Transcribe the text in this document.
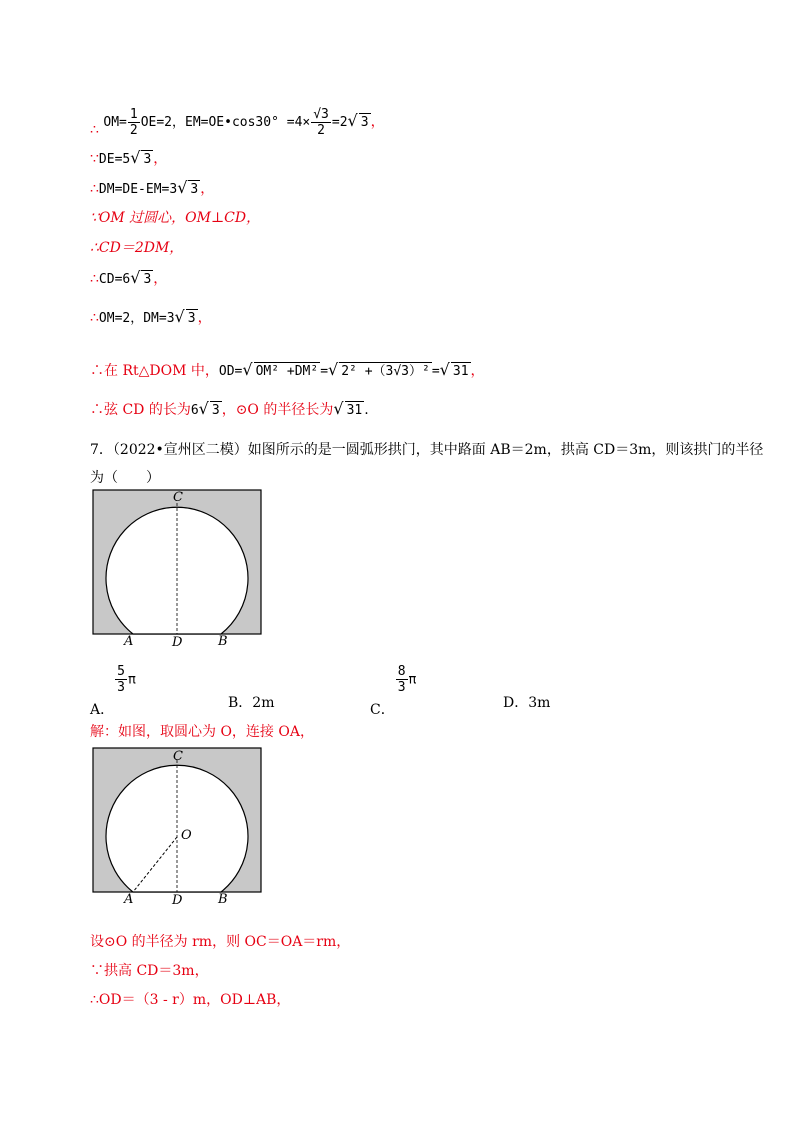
∴ $OM= \frac{1}{2} OE=2$，EM=OE•cos30° $=4\times \frac{√3}{2} =2√$ 3 ，
∵DE=5√ 3 ，
∴DM=DE-EM=3√ 3 ，
∵OM 过圆心，OM⊥CD，
∴CD＝2DM，
∴CD=6√ 3 ，
∴OM=2，DM=3√ 3 ，
∴在 Rt△DOM 中，OD=√ OM² +DM² =√ 2² +（3√3）² =√ 31 ，
∴弦 CD 的长为6√ 3 ，⊙O 的半径长为√ 31 .
7．（2022•宣州区二模）如图所示的是一圆弧形拱门，其中路面 AB＝2m，拱高 CD＝3m，则该拱门的半径
为（　　）
C
A	D	B
A．
$\frac{5}{3}$ π
B．2m	C．
$\frac{8}{3}$ π
D．3m
解：如图，取圆心为 O，连接 OA，
C
O
A	D	B
设⊙O 的半径为 rm，则 OC＝OA＝rm，
∵拱高 CD＝3m，
∴OD＝（3 - r）m，OD⊥AB，
